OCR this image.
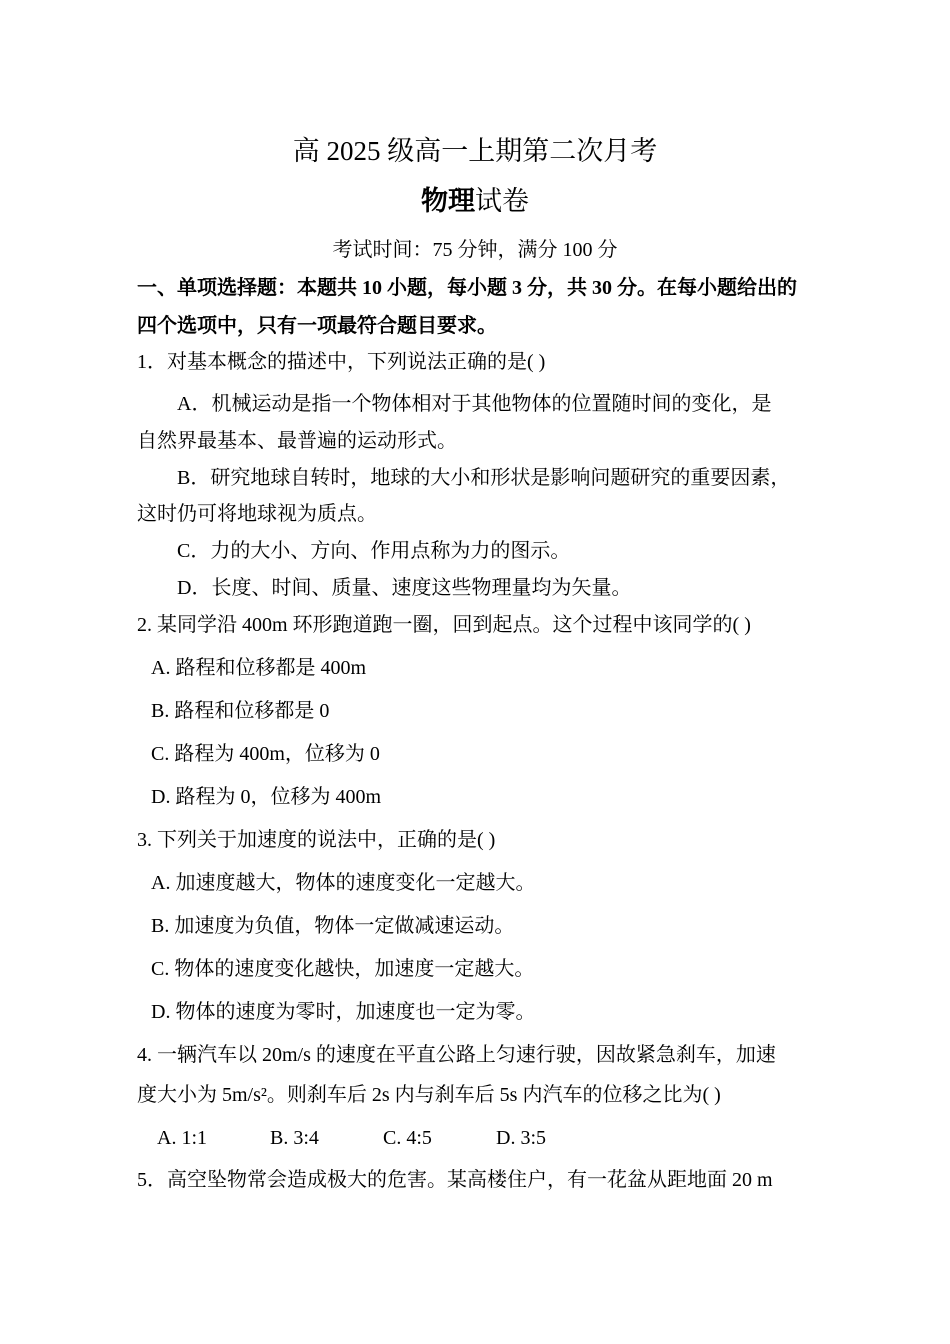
高 2025 级高一上期第二次月考
物理试卷
考试时间：75 分钟，满分 100 分
一、单项选择题：本题共 10 小题，每小题 3 分，共 30 分。在每小题给出的
四个选项中，只有一项最符合题目要求。
1．对基本概念的描述中，下列说法正确的是( )
A．机械运动是指一个物体相对于其他物体的位置随时间的变化，是
自然界最基本、最普遍的运动形式。
B．研究地球自转时，地球的大小和形状是影响问题研究的重要因素，
这时仍可将地球视为质点。
C．力的大小、方向、作用点称为力的图示。
D．长度、时间、质量、速度这些物理量均为矢量。
2. 某同学沿 400m 环形跑道跑一圈，回到起点。这个过程中该同学的( )
A. 路程和位移都是 400m
B. 路程和位移都是 0
C. 路程为 400m，位移为 0
D. 路程为 0，位移为 400m
3. 下列关于加速度的说法中，正确的是( )
A. 加速度越大，物体的速度变化一定越大。
B. 加速度为负值，物体一定做减速运动。
C. 物体的速度变化越快，加速度一定越大。
D. 物体的速度为零时，加速度也一定为零。
4. 一辆汽车以 20m/s 的速度在平直公路上匀速行驶，因故紧急刹车，加速
度大小为 5m/s²。则刹车后 2s 内与刹车后 5s 内汽车的位移之比为( )
A. 1:1	B. 3:4	C. 4:5	D. 3:5
5．高空坠物常会造成极大的危害。某高楼住户，有一花盆从距地面 20 m
